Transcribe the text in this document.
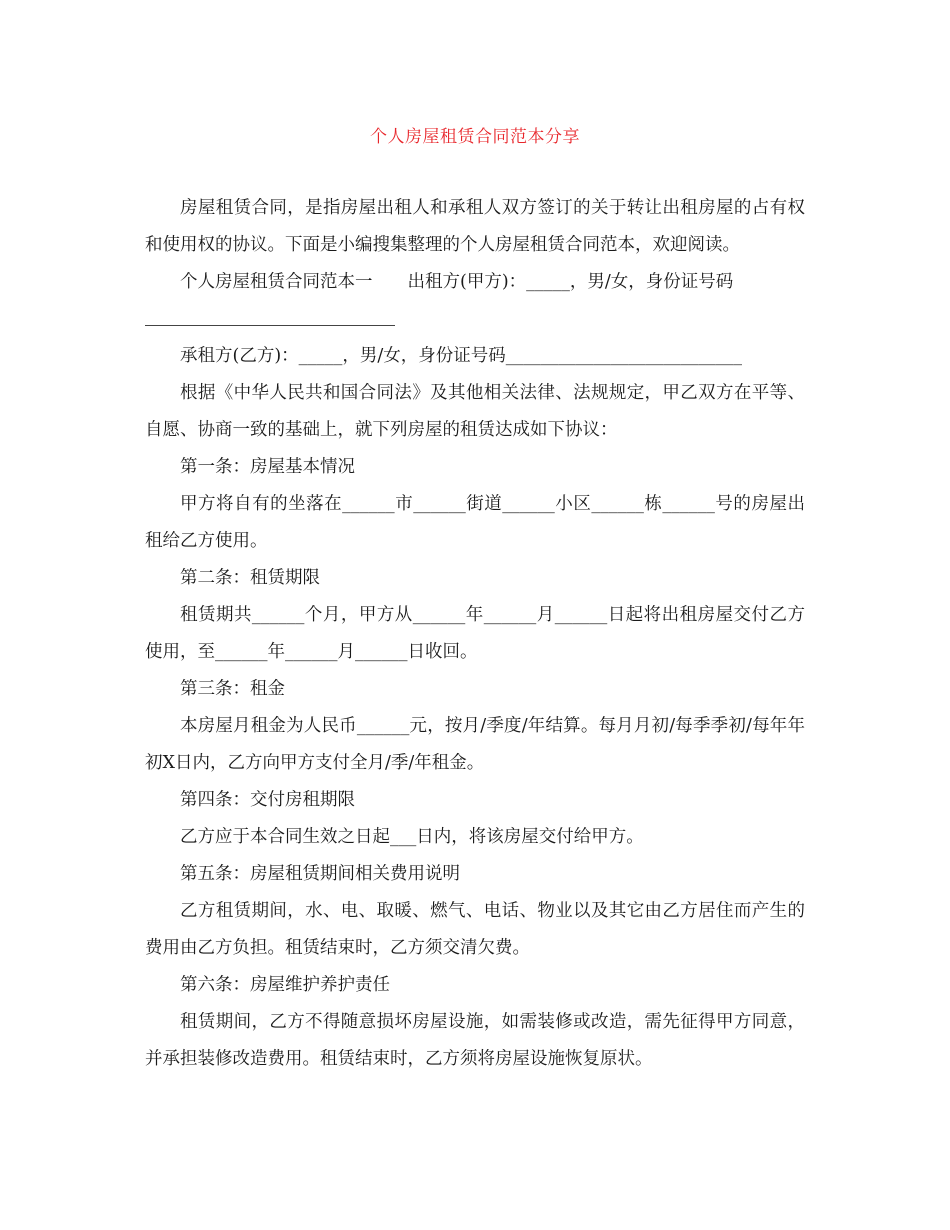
个人房屋租赁合同范本分享

房屋租赁合同，是指房屋出租人和承租人双方签订的关于转让出租房屋的占有权和使用权的协议。下面是小编搜集整理的个人房屋租赁合同范本，欢迎阅读。

个人房屋租赁合同范本一　　出租方(甲方)：_____，男/女，身份证号码

承租方(乙方)：_____，男/女，身份证号码___________________________

根据《中华人民共和国合同法》及其他相关法律、法规规定，甲乙双方在平等、自愿、协商一致的基础上，就下列房屋的租赁达成如下协议：

第一条：房屋基本情况

甲方将自有的坐落在______市______街道______小区______栋______号的房屋出租给乙方使用。

第二条：租赁期限

租赁期共______个月，甲方从______年______月______日起将出租房屋交付乙方使用，至______年______月______日收回。

第三条：租金

本房屋月租金为人民币______元，按月/季度/年结算。每月月初/每季季初/每年年初X日内，乙方向甲方支付全月/季/年租金。

第四条：交付房租期限

乙方应于本合同生效之日起___日内，将该房屋交付给甲方。

第五条：房屋租赁期间相关费用说明

乙方租赁期间，水、电、取暖、燃气、电话、物业以及其它由乙方居住而产生的费用由乙方负担。租赁结束时，乙方须交清欠费。

第六条：房屋维护养护责任

租赁期间，乙方不得随意损坏房屋设施，如需装修或改造，需先征得甲方同意，并承担装修改造费用。租赁结束时，乙方须将房屋设施恢复原状。
